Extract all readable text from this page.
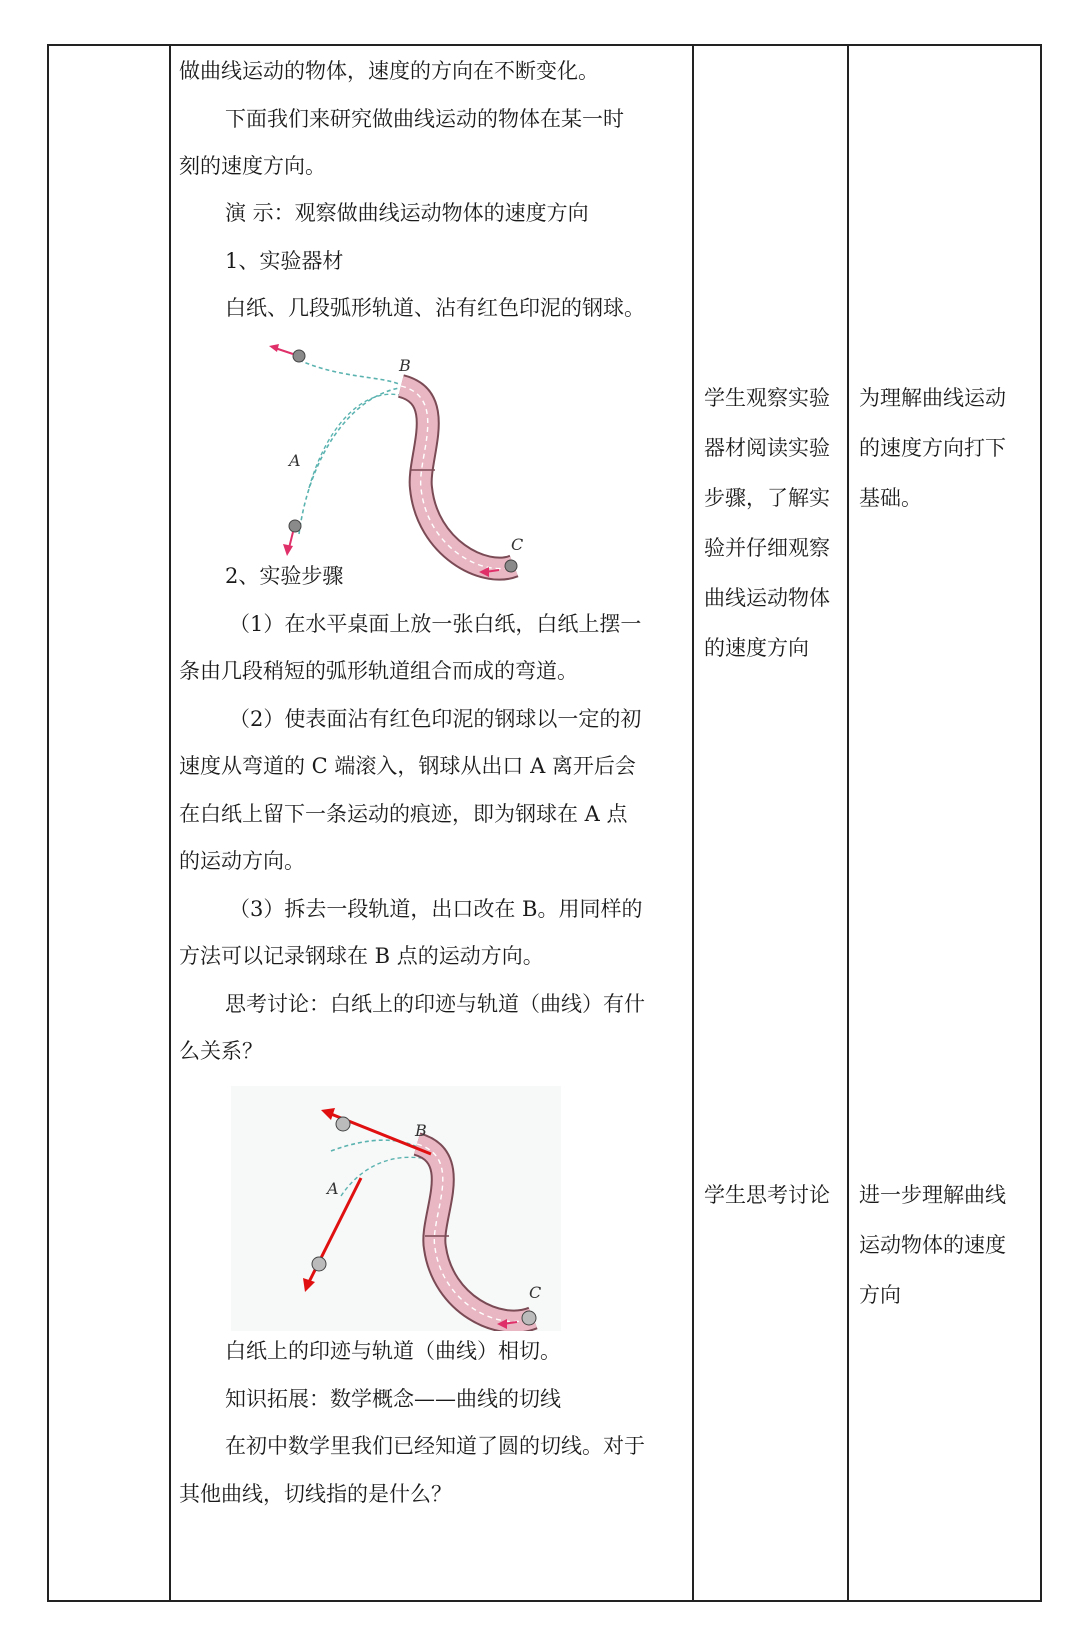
做曲线运动的物体，速度的方向在不断变化。
下面我们来研究做曲线运动的物体在某一时
刻的速度方向。
演 示：观察做曲线运动物体的速度方向
1、实验器材
白纸、几段弧形轨道、沾有红色印泥的钢球。
A
B
C
2、实验步骤
（1）在水平桌面上放一张白纸，白纸上摆一
条由几段稍短的弧形轨道组合而成的弯道。
（2）使表面沾有红色印泥的钢球以一定的初
速度从弯道的 C 端滚入，钢球从出口 A 离开后会
在白纸上留下一条运动的痕迹，即为钢球在 A 点
的运动方向。
（3）拆去一段轨道，出口改在 B。用同样的
方法可以记录钢球在 B 点的运动方向。
思考讨论：白纸上的印迹与轨道（曲线）有什
么关系？
A
B
C
白纸上的印迹与轨道（曲线）相切。
知识拓展：数学概念——曲线的切线
在初中数学里我们已经知道了圆的切线。对于
其他曲线，切线指的是什么？
学生观察实验
器材阅读实验
步骤，了解实
验并仔细观察
曲线运动物体
的速度方向
为理解曲线运动
的速度方向打下
基础。
学生思考讨论	进一步理解曲线
运动物体的速度
方向
